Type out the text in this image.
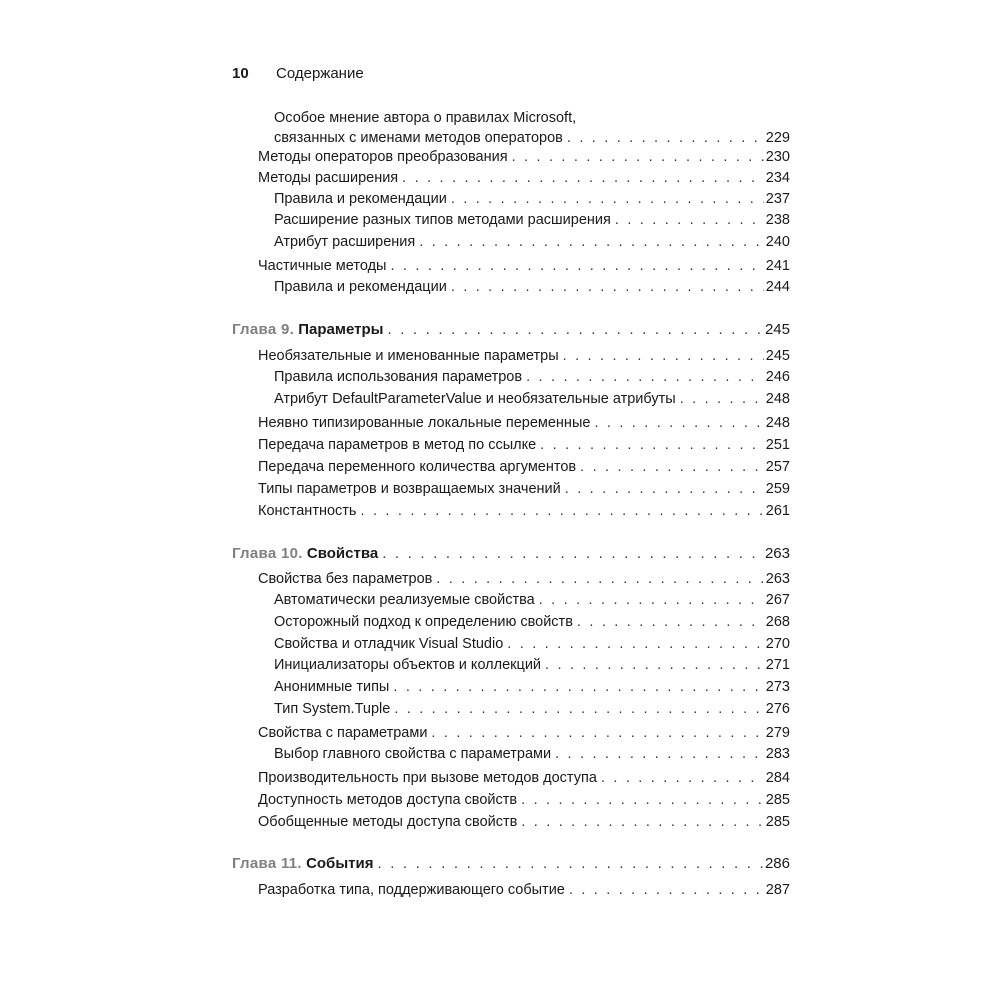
10 Содержание
Особое мнение автора о правилах Microsoft,
связанных с именами методов операторов . . .	229
Методы операторов преобразования . . .	230
Методы расширения . . .	234
Правила и рекомендации . . .	237
Расширение разных типов методами расширения . . .	238
Атрибут расширения . . .	240
Частичные методы . . .	241
Правила и рекомендации . . .	244
Глава 9. Параметры . . .	245
Необязательные и именованные параметры . . .	245
Правила использования параметров . . .	246
Атрибут DefaultParameterValue и необязательные атрибуты . . .	248
Неявно типизированные локальные переменные . . .	248
Передача параметров в метод по ссылке . . .	251
Передача переменного количества аргументов . . .	257
Типы параметров и возвращаемых значений . . .	259
Константность . . .	261
Глава 10. Свойства . . .	263
Свойства без параметров . . .	263
Автоматически реализуемые свойства . . .	267
Осторожный подход к определению свойств . . .	268
Свойства и отладчик Visual Studio . . .	270
Инициализаторы объектов и коллекций . . .	271
Анонимные типы . . .	273
Тип System.Tuple . . .	276
Свойства с параметрами . . .	279
Выбор главного свойства с параметрами . . .	283
Производительность при вызове методов доступа . . .	284
Доступность методов доступа свойств . . .	285
Обобщенные методы доступа свойств . . .	285
Глава 11. События . . .	286
Разработка типа, поддерживающего событие . . .	287
